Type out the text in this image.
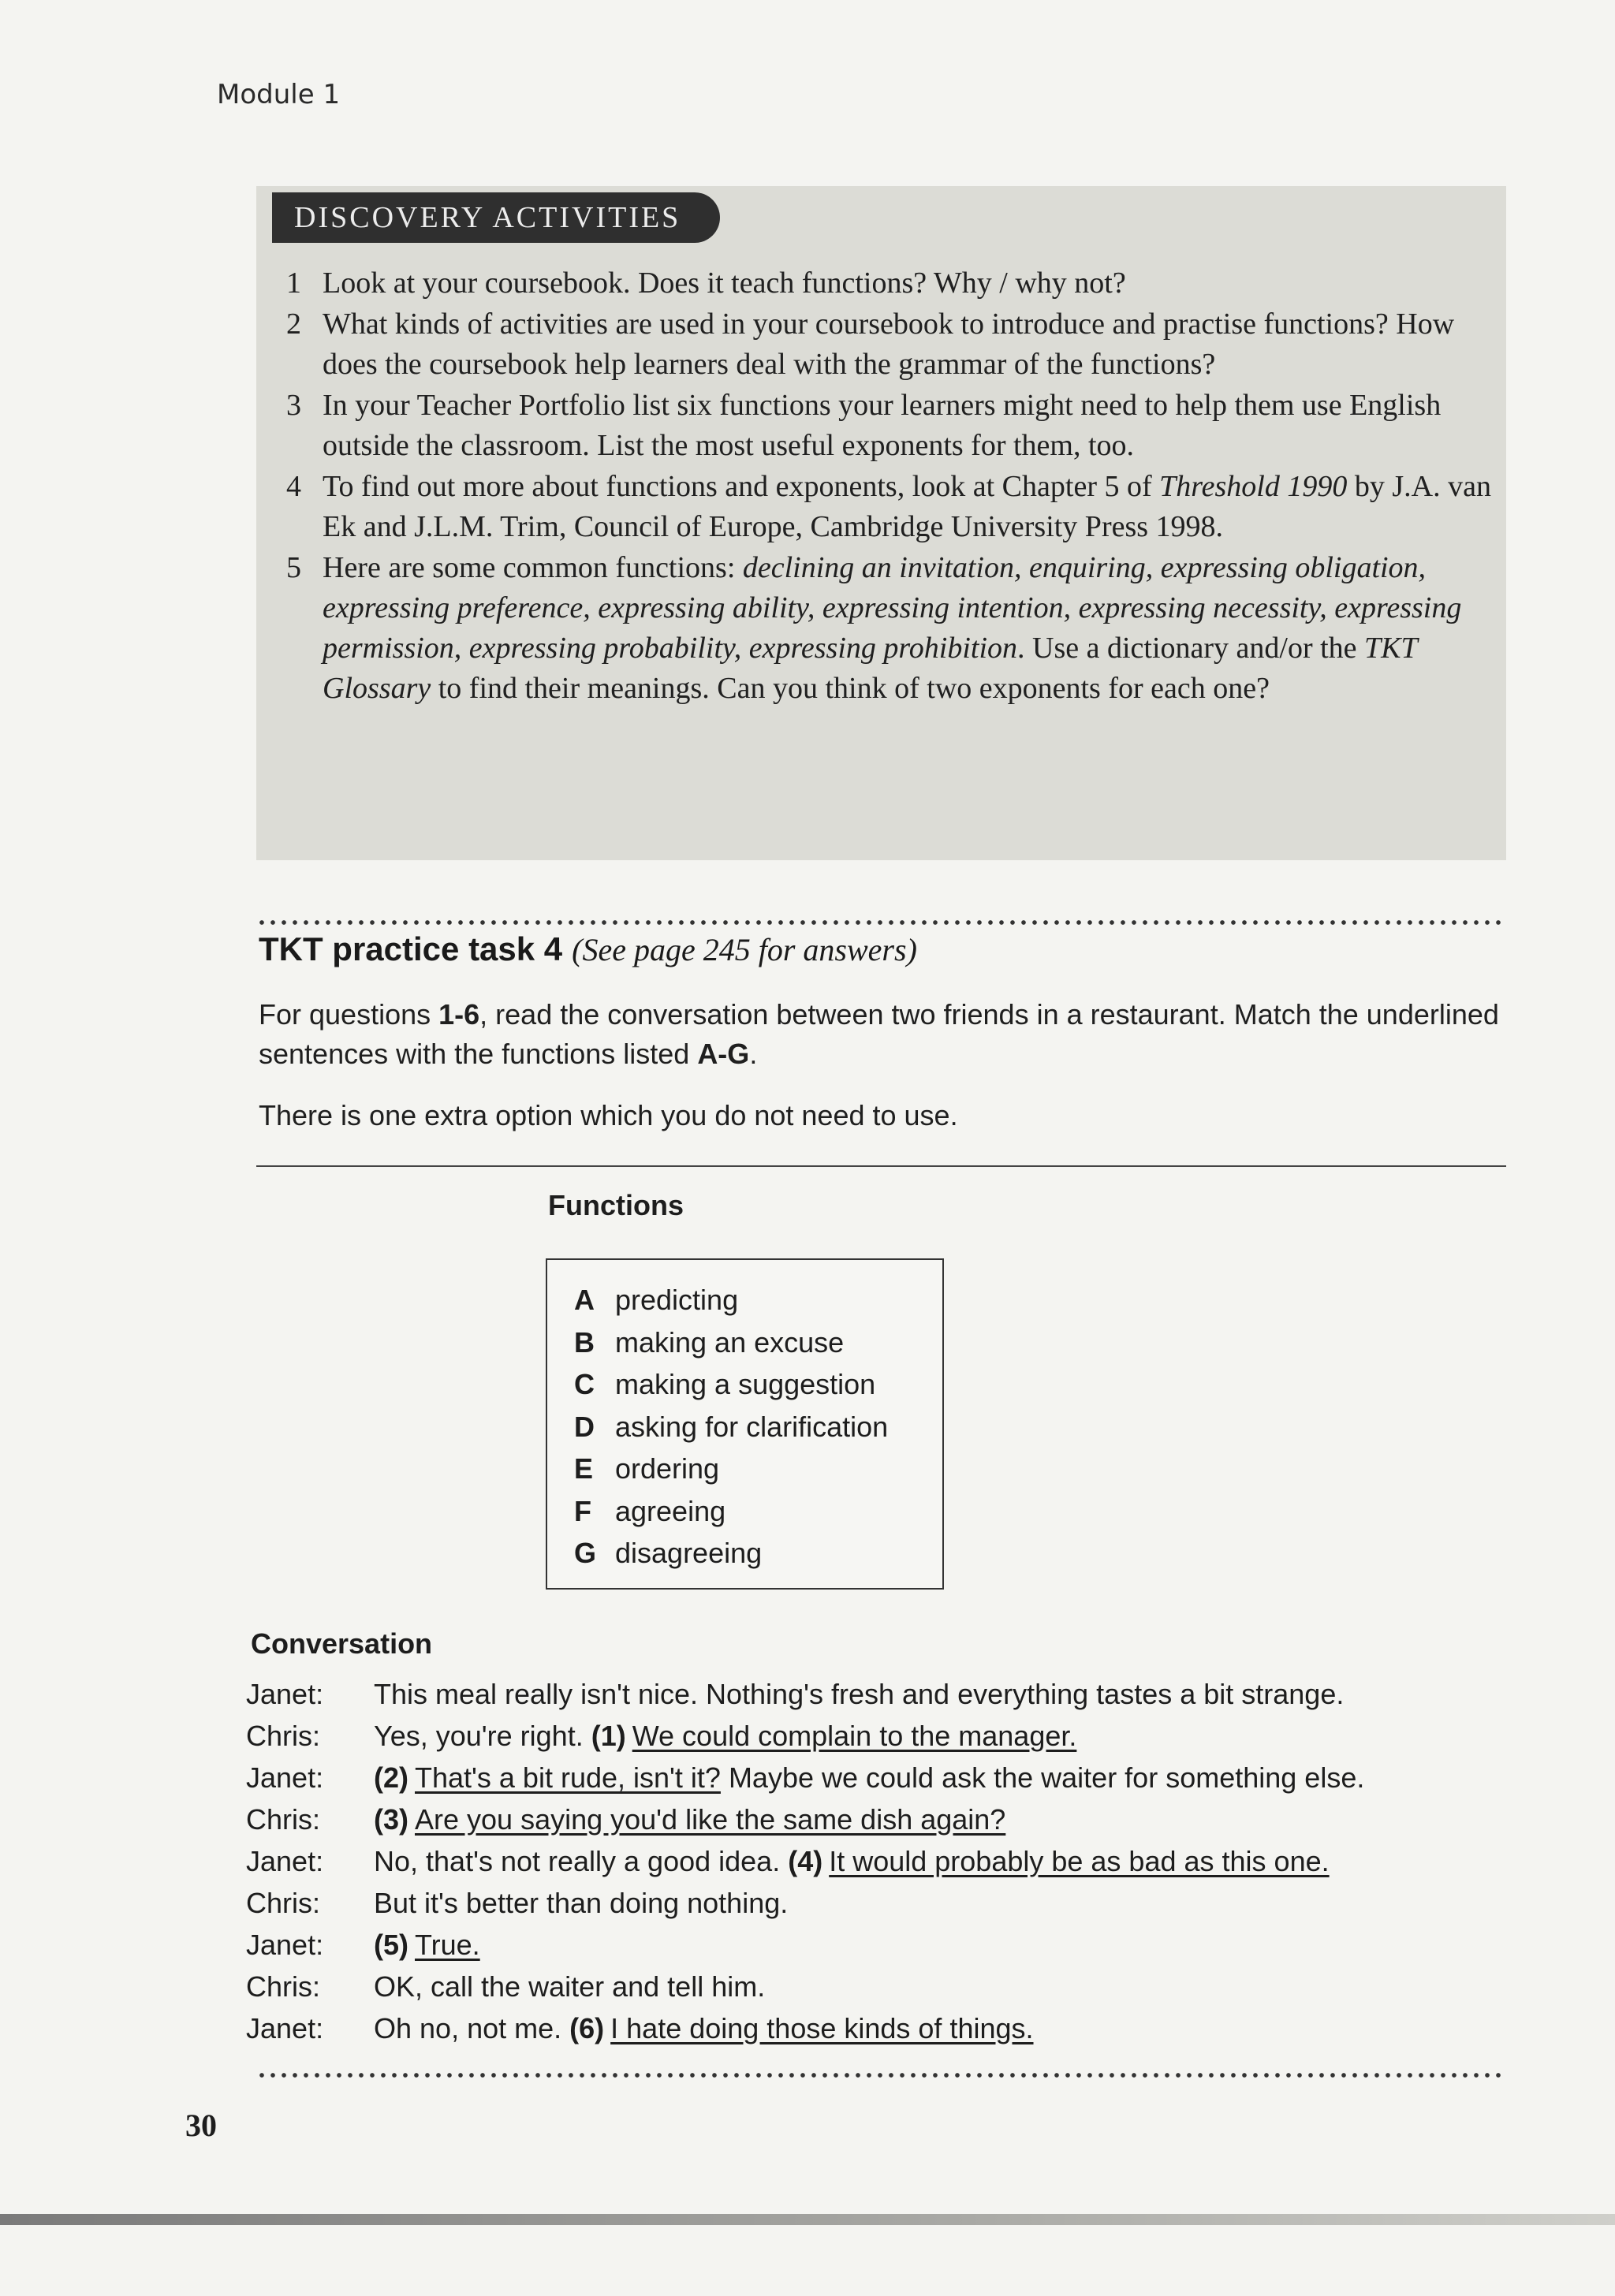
Module 1
DISCOVERY ACTIVITIES
1 Look at your coursebook. Does it teach functions? Why / why not?
2 What kinds of activities are used in your coursebook to introduce and practise functions? How does the coursebook help learners deal with the grammar of the functions?
3 In your Teacher Portfolio list six functions your learners might need to help them use English outside the classroom. List the most useful exponents for them, too.
4 To find out more about functions and exponents, look at Chapter 5 of Threshold 1990 by J.A. van Ek and J.L.M. Trim, Council of Europe, Cambridge University Press 1998.
5 Here are some common functions: declining an invitation, enquiring, expressing obligation, expressing preference, expressing ability, expressing intention, expressing necessity, expressing permission, expressing probability, expressing prohibition. Use a dictionary and/or the TKT Glossary to find their meanings. Can you think of two exponents for each one?
TKT practice task 4 (See page 245 for answers)
For questions 1-6, read the conversation between two friends in a restaurant. Match the underlined sentences with the functions listed A-G.
There is one extra option which you do not need to use.
Functions
A predicting
B making an excuse
C making a suggestion
D asking for clarification
E ordering
F agreeing
G disagreeing
Conversation
Janet:	This meal really isn't nice. Nothing's fresh and everything tastes a bit strange.
Chris:	Yes, you're right. (1) We could complain to the manager.
Janet:	(2) That's a bit rude, isn't it? Maybe we could ask the waiter for something else.
Chris:	(3) Are you saying you'd like the same dish again?
Janet:	No, that's not really a good idea. (4) It would probably be as bad as this one.
Chris:	But it's better than doing nothing.
Janet:	(5) True.
Chris:	OK, call the waiter and tell him.
Janet:	Oh no, not me. (6) I hate doing those kinds of things.
30
